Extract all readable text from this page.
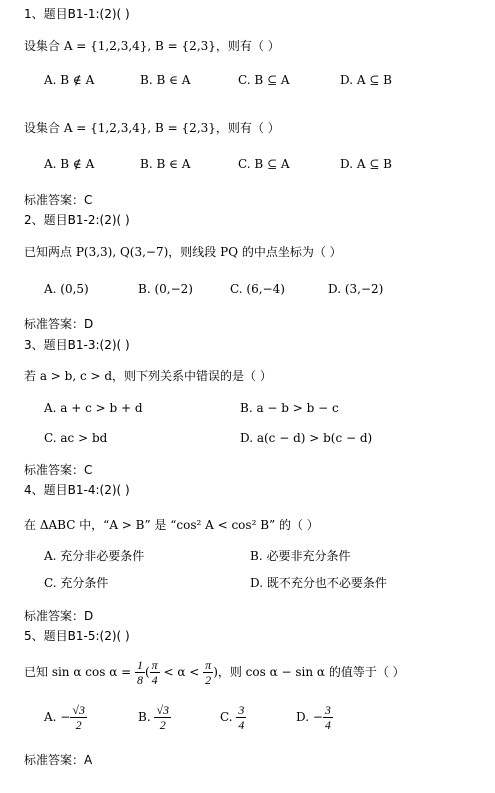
1、题目B1-1:(2)( )
设集合 A = {1,2,3,4}, B = {2,3}，则有（ ）
A. B ∉ A	B. B ∈ A	C. B ⊆ A	D. A ⊆ B
设集合 A = {1,2,3,4}, B = {2,3}，则有（ ）
A. B ∉ A	B. B ∈ A	C. B ⊆ A	D. A ⊆ B
标准答案：C
2、题目B1-2:(2)( )
已知两点 P(3,3), Q(3,−7)，则线段 PQ 的中点坐标为（ ）
A. (0,5)	B. (0,−2)	C. (6,−4)	D. (3,−2)
标准答案：D
3、题目B1-3:(2)( )
若 a > b, c > d，则下列关系中错误的是（ ）
A. a + c > b + d	B. a − b > b − c
C. ac > bd	D. a(c − d) > b(c − d)
标准答案：C
4、题目B1-4:(2)( )
在 ΔABC 中，“A > B” 是 “cos² A < cos² B” 的（ ）
A. 充分非必要条件	B. 必要非充分条件
C. 充分条件	D. 既不充分也不必要条件
标准答案：D
5、题目B1-5:(2)( )
已知 sin α $\cos \alpha = \frac{1}{8}$ ( $\frac{\pi}{4} < \alpha < \frac{\pi}{2}$ )，则 cos α − sin α 的值等于（ ）
A. − $\frac{√3}{2}$	B. $\frac{√3}{2}$	C. $\frac{3}{4}$	D. − $\frac{3}{4}$
标准答案：A
